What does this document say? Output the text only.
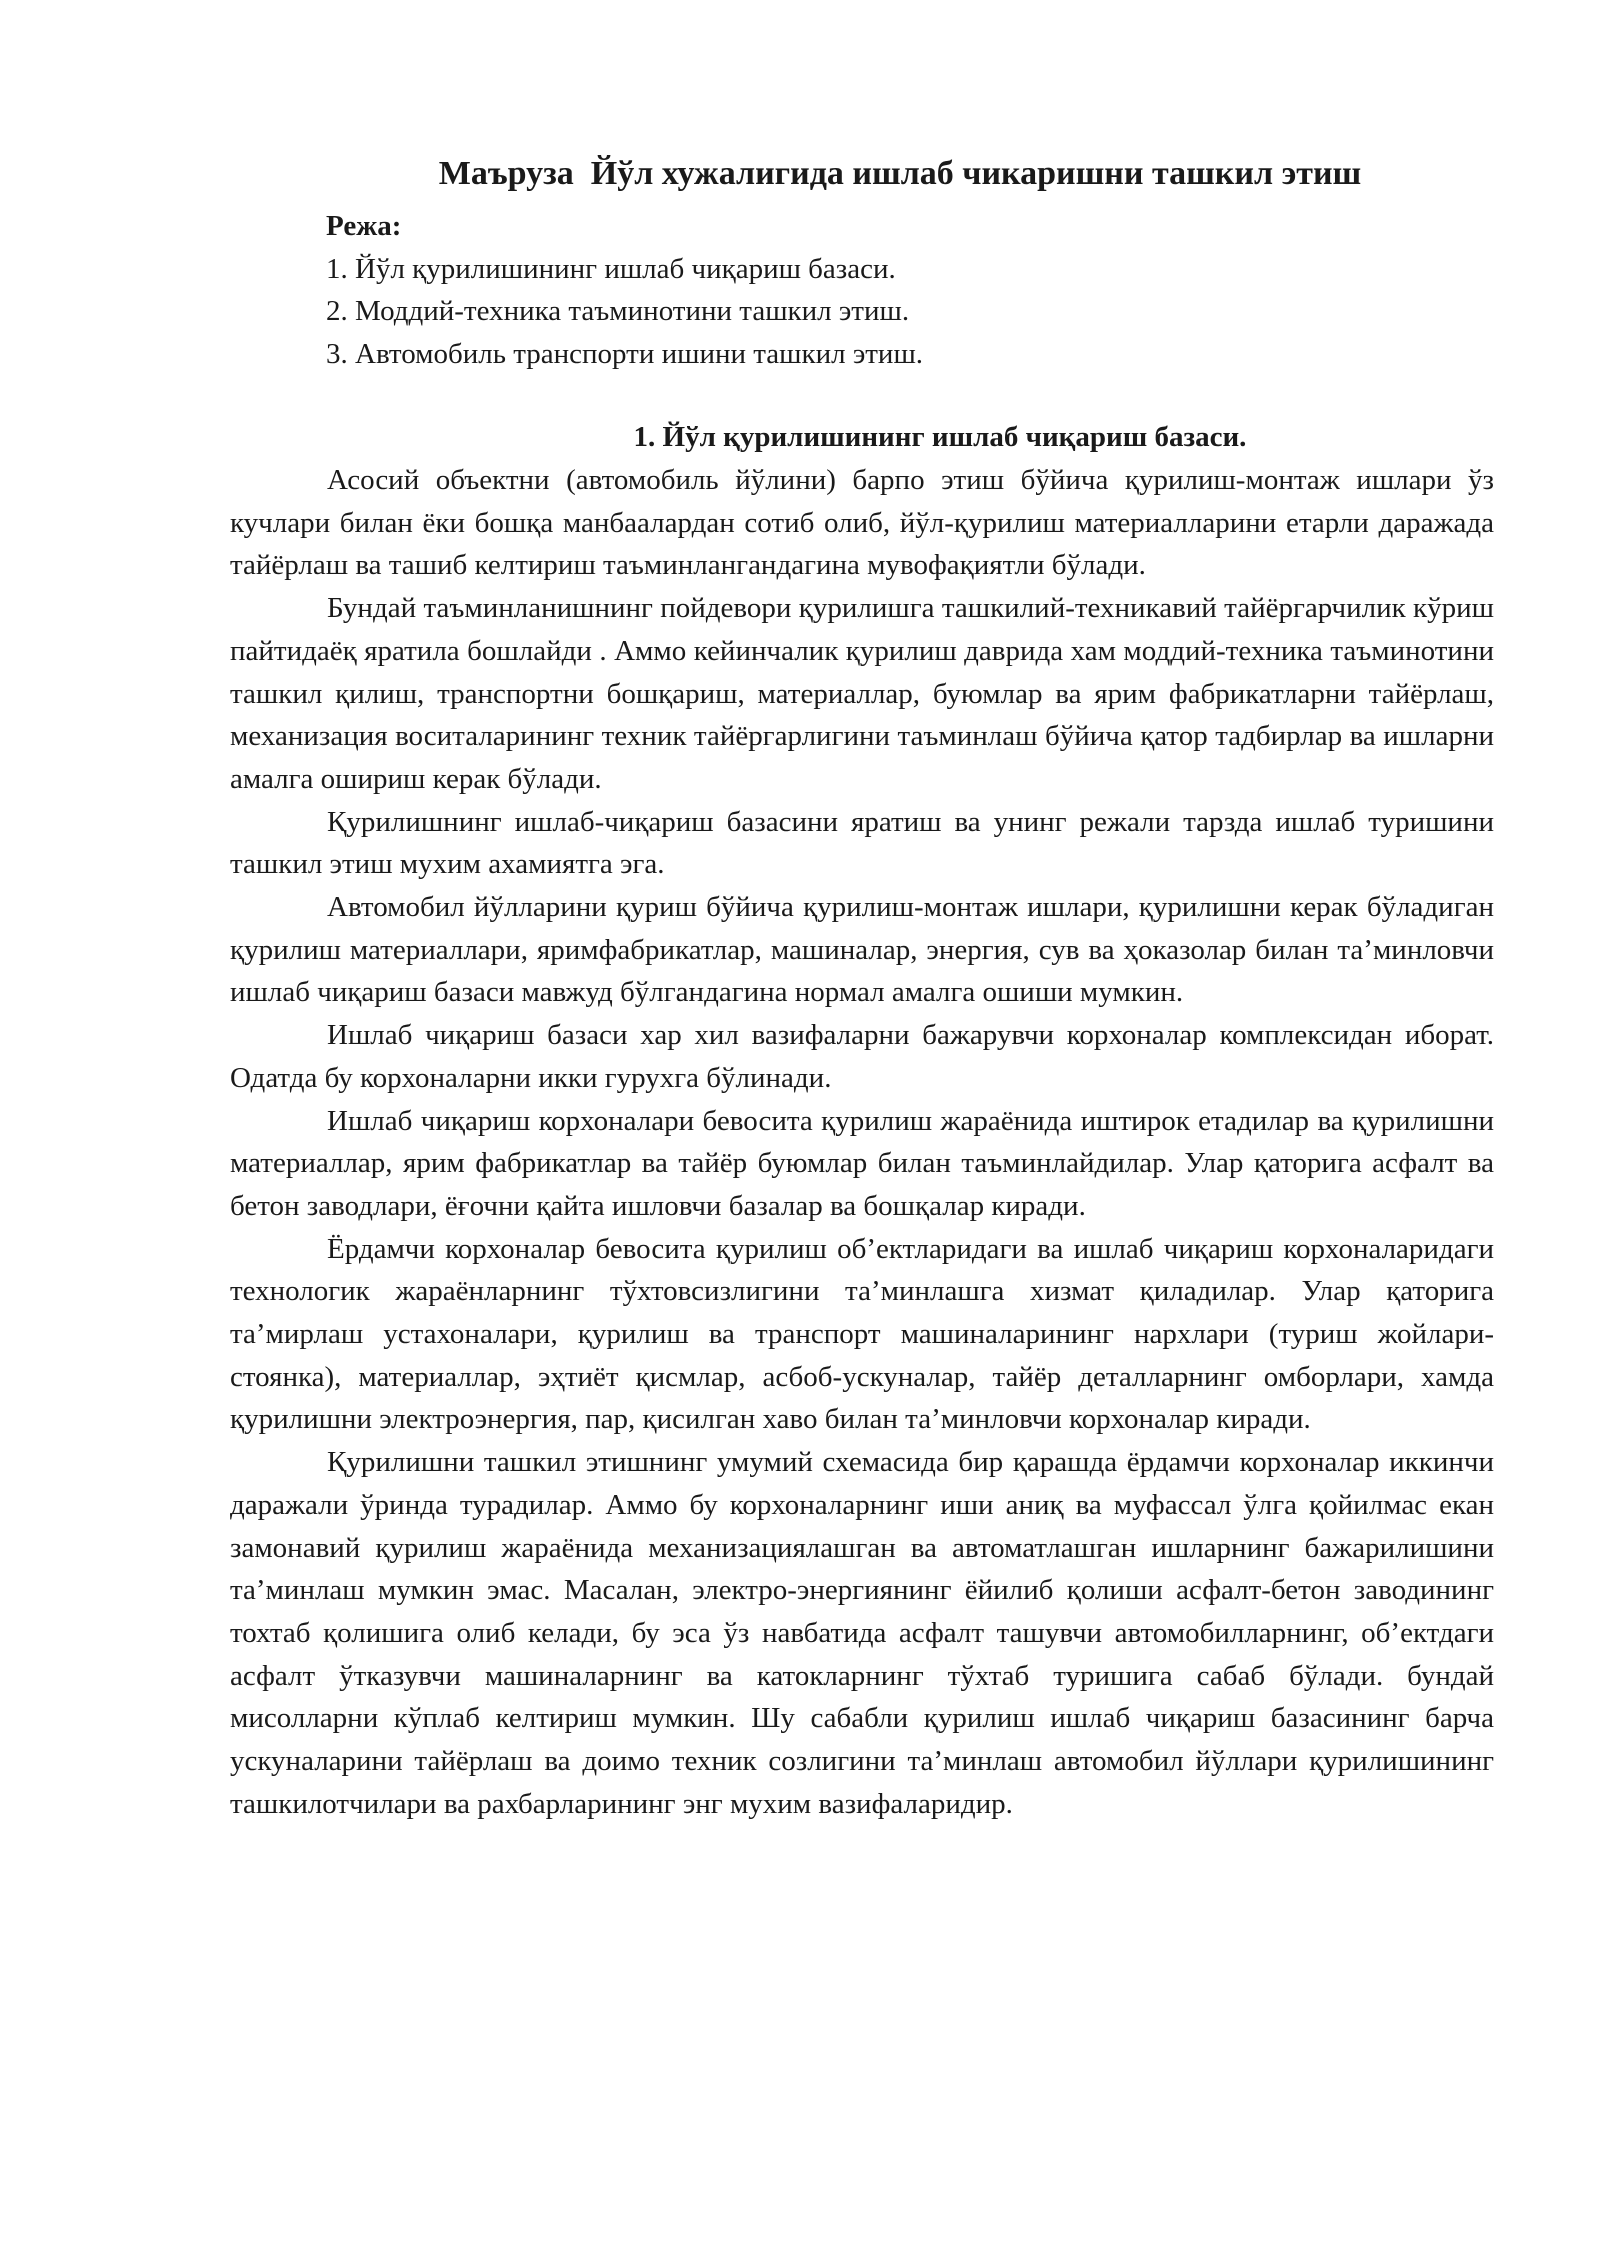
Маъруза  Йўл хужалигида ишлаб чикаришни ташкил этиш
Режа:
1. Йўл қурилишининг ишлаб чиқариш базаси.
2. Моддий-техника таъминотини ташкил этиш.
3. Автомобиль транспорти ишини ташкил этиш.
1. Йўл қурилишининг ишлаб чиқариш базаси.

Асосий объектни (автомобиль йўлини) барпо этиш бўйича қурилиш-монтаж ишлари ўз кучлари билан ёки бошқа манбаалардан сотиб олиб, йўл-қурилиш материалларини етарли даражада тайёрлаш ва ташиб келтириш таъминлангандагина мувофақиятли бўлади.

Бундай таъминланишнинг пойдевори қурилишга ташкилий-техникавий тайёргарчилик кўриш пайтидаёқ яратила бошлайди . Аммо кейинчалик қурилиш даврида хам моддий-техника таъминотини ташкил қилиш, транспортни бошқариш, материаллар, буюмлар ва ярим фабрикатларни тайёрлаш, механизация воситаларининг техник тайёргарлигини таъминлаш бўйича қатор тадбирлар ва ишларни амалга ошириш керак бўлади.

Қурилишнинг ишлаб-чиқариш базасини яратиш ва унинг режали тарзда ишлаб туришини ташкил этиш мухим ахамиятга эга.

Автомобил йўлларини қуриш бўйича қурилиш-монтаж ишлари, қурилишни керак бўладиган қурилиш материаллари, яримфабрикатлар, машиналар, энергия, сув ва ҳоказолар билан та’минловчи ишлаб чиқариш базаси мавжуд бўлгандагина нормал амалга ошиши мумкин.

Ишлаб чиқариш базаси хар хил вазифаларни бажарувчи корхоналар комплексидан иборат. Одатда бу корхоналарни икки гурухга бўлинади.

Ишлаб чиқариш корхоналари бевосита қурилиш жараёнида иштирок етадилар ва қурилишни материаллар, ярим фабрикатлар ва тайёр буюмлар билан таъминлайдилар. Улар қаторига асфалт ва бетон заводлари, ёғочни қайта ишловчи базалар ва бошқалар киради.

Ёрдамчи корхоналар бевосита қурилиш об’ектларидаги ва ишлаб чиқариш корхоналаридаги технологик жараёнларнинг тўхтовсизлигини та’минлашга хизмат қиладилар. Улар қаторига та’мирлаш устахоналари, қурилиш ва транспорт машиналарининг нархлари (туриш жойлари-стоянка), материаллар, эҳтиёт қисмлар, асбоб-ускуналар, тайёр деталларнинг омборлари, хамда қурилишни электроэнергия, пар, қисилган хаво билан та’минловчи корхоналар киради.

Қурилишни ташкил этишнинг умумий схемасида бир қарашда ёрдамчи корхоналар иккинчи даражали ўринда турадилар. Аммо бу корхоналарнинг иши аниқ ва муфассал ўлга қойилмас екан замонавий қурилиш жараёнида механизациялашган ва автоматлашган ишларнинг бажарилишини та’минлаш мумкин эмас. Масалан, электро-энергиянинг ёйилиб қолиши асфалт-бетон заводининг тохтаб қолишига олиб келади, бу эса ўз навбатида асфалт ташувчи автомобилларнинг, об’ектдаги асфалт ўтказувчи машиналарнинг ва катокларнинг тўхтаб туришига сабаб бўлади. бундай мисолларни кўплаб келтириш мумкин. Шу сабабли қурилиш ишлаб чиқариш базасининг барча ускуналарини тайёрлаш ва доимо техник созлигини та’минлаш автомобил йўллари қурилишининг ташкилотчилари ва рахбарларининг энг мухим вазифаларидир.
